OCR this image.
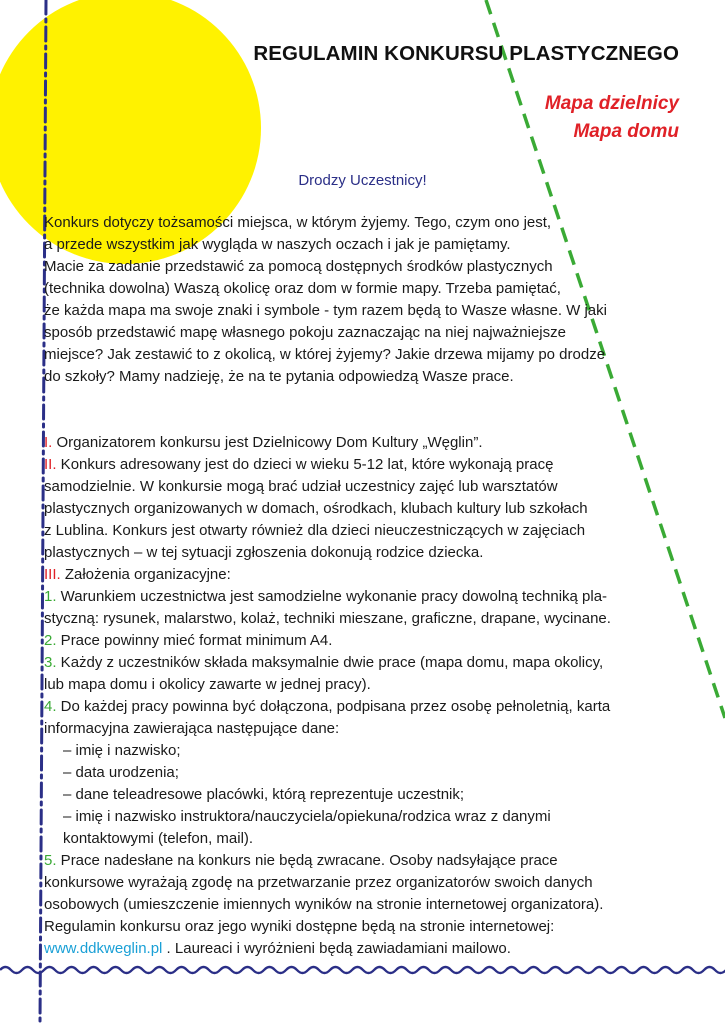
REGULAMIN KONKURSU PLASTYCZNEGO
Mapa dzielnicy
Mapa domu
Drodzy Uczestnicy!
Konkurs dotyczy tożsamości miejsca, w którym żyjemy. Tego, czym ono jest,
a przede wszystkim jak wygląda w naszych oczach i jak je pamiętamy.
Macie za zadanie przedstawić za pomocą dostępnych środków plastycznych
(technika dowolna) Waszą okolicę oraz dom w formie mapy. Trzeba pamiętać,
że każda mapa ma swoje znaki i symbole - tym razem będą to Wasze własne. W jaki
sposób przedstawić mapę własnego pokoju zaznaczając na niej najważniejsze
miejsce? Jak zestawić to z okolicą, w której żyjemy? Jakie drzewa mijamy po drodze
do szkoły? Mamy nadzieję, że na te pytania odpowiedzą Wasze prace.
I. Organizatorem konkursu jest Dzielnicowy Dom Kultury „Węglin”.
II. Konkurs adresowany jest do dzieci w wieku 5-12 lat, które wykonają pracę
samodzielnie. W konkursie mogą brać udział uczestnicy zajęć lub warsztatów
plastycznych organizowanych w domach, ośrodkach, klubach kultury lub szkołach
z Lublina. Konkurs jest otwarty również dla dzieci nieuczestniczących w zajęciach
plastycznych – w tej sytuacji zgłoszenia dokonują rodzice dziecka.
III. Założenia organizacyjne:
1. Warunkiem uczestnictwa jest samodzielne wykonanie pracy dowolną techniką pla-
styczną: rysunek, malarstwo, kolaż, techniki mieszane, graficzne, drapane, wycinane.
2. Prace powinny mieć format minimum A4.
3. Każdy z uczestników składa maksymalnie dwie prace (mapa domu, mapa okolicy,
lub mapa domu i okolicy zawarte w jednej pracy).
4. Do każdej pracy powinna być dołączona, podpisana przez osobę pełnoletnią, karta
informacyjna zawierająca następujące dane:
– imię i nazwisko;
– data urodzenia;
– dane teleadresowe placówki, którą reprezentuje uczestnik;
– imię i nazwisko instruktora/nauczyciela/opiekuna/rodzica wraz z danymi
kontaktowymi (telefon, mail).
5. Prace nadesłane na konkurs nie będą zwracane. Osoby nadsyłające prace
konkursowe wyrażają zgodę na przetwarzanie przez organizatorów swoich danych
osobowych (umieszczenie imiennych wyników na stronie internetowej organizatora).
Regulamin konkursu oraz jego wyniki dostępne będą na stronie internetowej:
www.ddkweglin.pl . Laureaci i wyróżnieni będą zawiadamiani mailowo.
